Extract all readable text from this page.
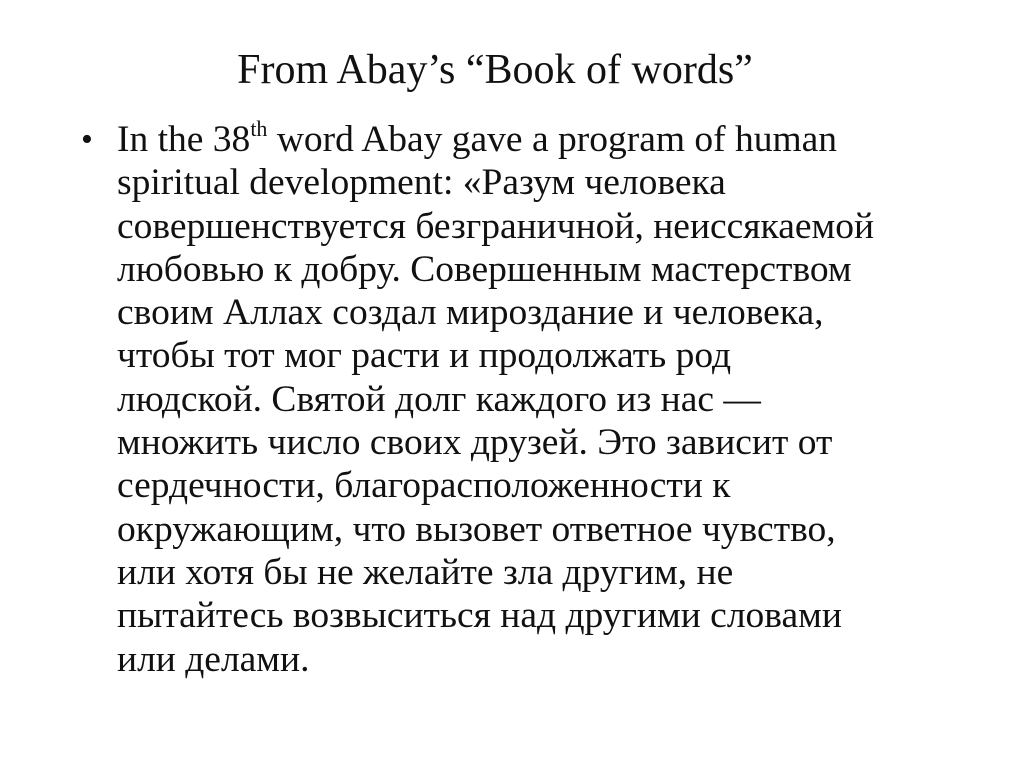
From Abay’s “Book of words”
• In the 38th word Abay gave a program of human
spiritual development: «Разум человека
совершенствуется безграничной, неиссякаемой
любовью к добру. Совершенным мастерством
своим Аллах создал мироздание и человека,
чтобы тот мог расти и продолжать род
людской. Святой долг каждого из нас —
множить число своих друзей. Это зависит от
сердечности, благорасположенности к
окружающим, что вызовет ответное чувство,
или хотя бы не желайте зла другим, не
пытайтесь возвыситься над другими словами
или делами.
